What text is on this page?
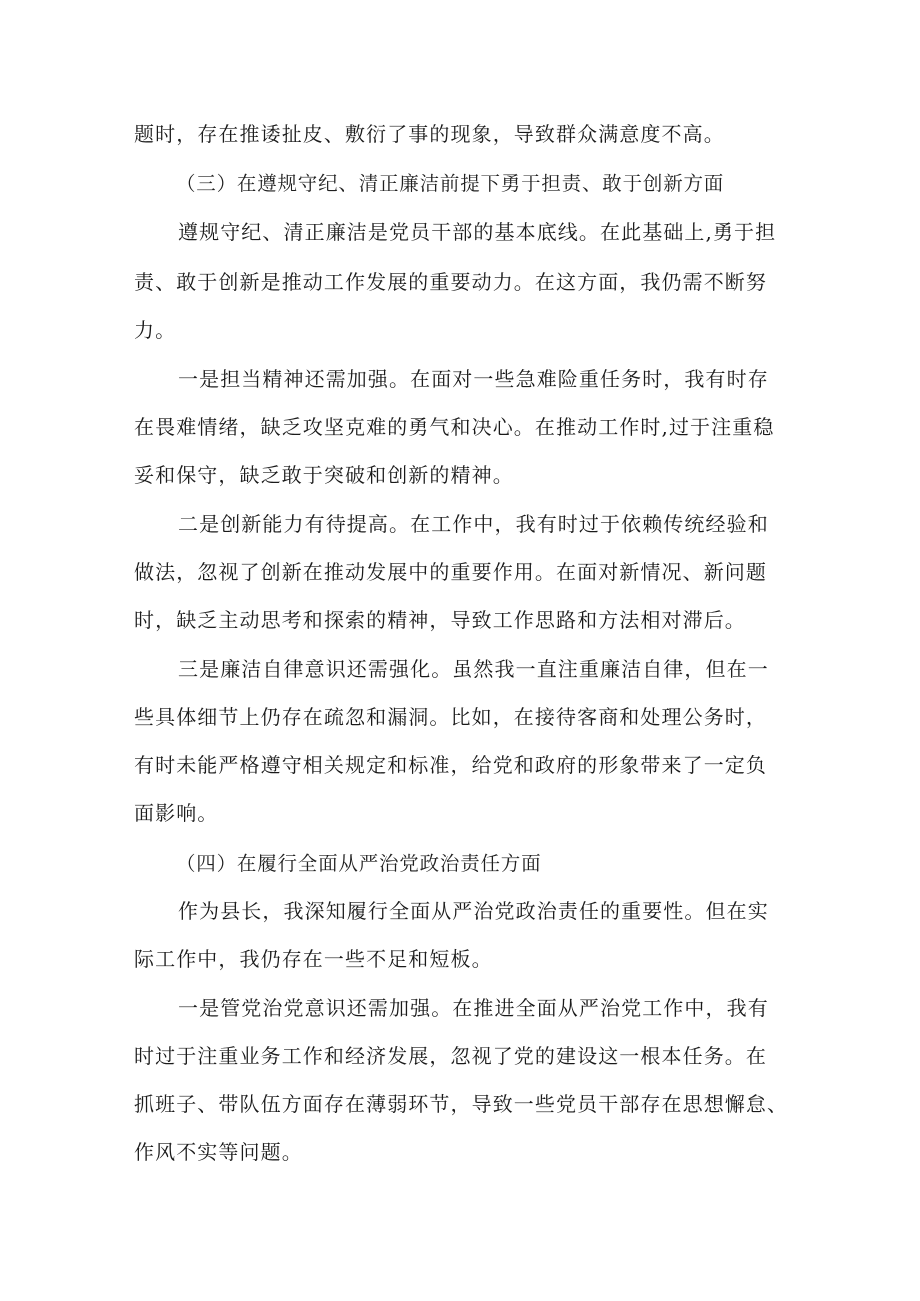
题时，存在推诿扯皮、敷衍了事的现象，导致群众满意度不高。
（三）在遵规守纪、清正廉洁前提下勇于担责、敢于创新方面
遵规守纪、清正廉洁是党员干部的基本底线。在此基础上,勇于担
责、敢于创新是推动工作发展的重要动力。在这方面，我仍需不断努
力。
一是担当精神还需加强。在面对一些急难险重任务时，我有时存
在畏难情绪，缺乏攻坚克难的勇气和决心。在推动工作时,过于注重稳
妥和保守，缺乏敢于突破和创新的精神。
二是创新能力有待提高。在工作中，我有时过于依赖传统经验和
做法，忽视了创新在推动发展中的重要作用。在面对新情况、新问题
时，缺乏主动思考和探索的精神，导致工作思路和方法相对滞后。
三是廉洁自律意识还需强化。虽然我一直注重廉洁自律，但在一
些具体细节上仍存在疏忽和漏洞。比如，在接待客商和处理公务时，
有时未能严格遵守相关规定和标准，给党和政府的形象带来了一定负
面影响。
（四）在履行全面从严治党政治责任方面
作为县长，我深知履行全面从严治党政治责任的重要性。但在实
际工作中，我仍存在一些不足和短板。
一是管党治党意识还需加强。在推进全面从严治党工作中，我有
时过于注重业务工作和经济发展，忽视了党的建设这一根本任务。在
抓班子、带队伍方面存在薄弱环节，导致一些党员干部存在思想懈怠、
作风不实等问题。
